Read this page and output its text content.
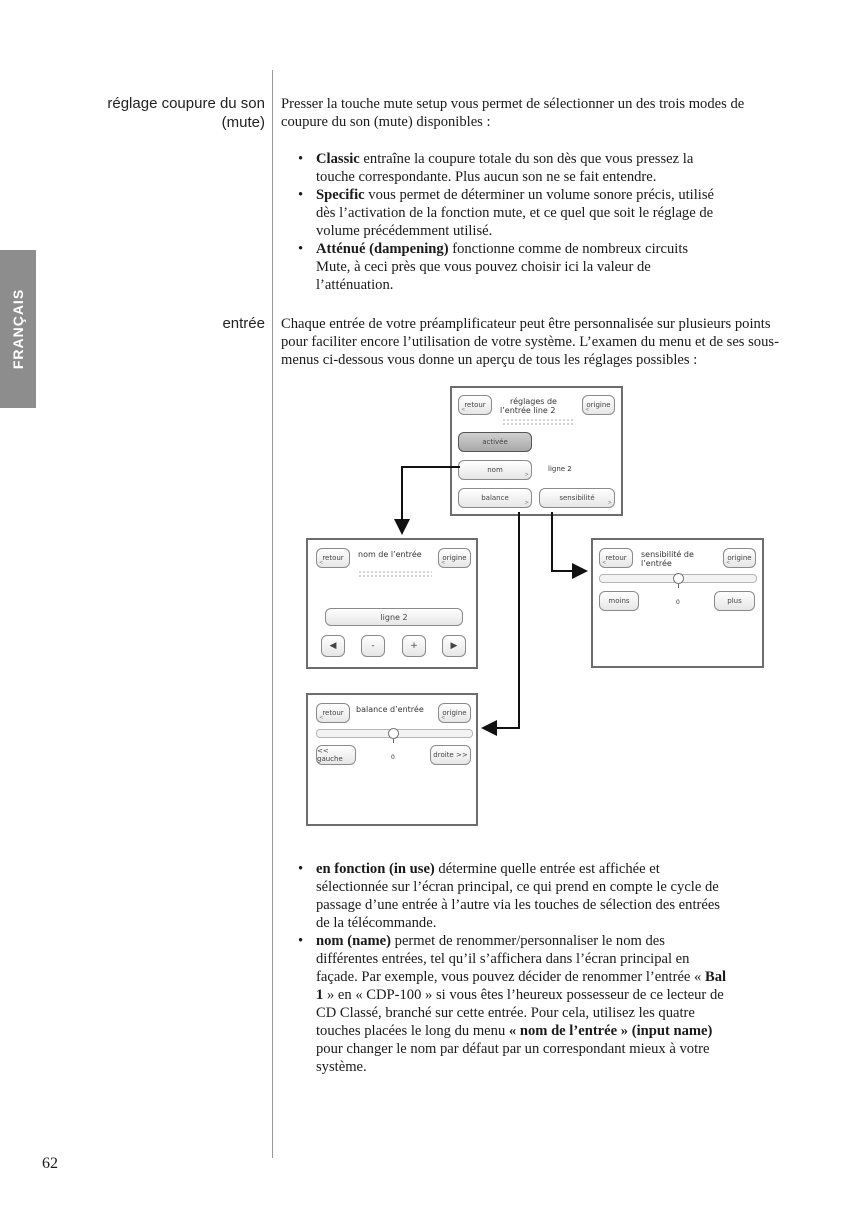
FRANÇAIS
réglage coupure du son
(mute)
Presser la touche mute setup vous permet de sélectionner un des trois modes de coupure du son (mute) disponibles :
• Classic entraîne la coupure totale du son dès que vous pressez la touche correspondante. Plus aucun son ne se fait entendre.
• Specific vous permet de déterminer un volume sonore précis, utilisé dès l’activation de la fonction mute, et ce quel que soit le réglage de volume précédemment utilisé.
• Atténué (dampening) fonctionne comme de nombreux circuits Mute, à ceci près que vous pouvez choisir ici la valeur de l’atténuation.
entrée Chaque entrée de votre préamplificateur peut être personnalisée sur plusieurs points pour faciliter encore l’utilisation de votre système. L’examen du menu et de ses sous-menus ci-dessous vous donne un aperçu de tous les réglages possibles :
retour
<
réglages de
l’entrée line 2
origine
<
activée
nom
>
ligne 2
balance
>
sensibilité
>
retour
<
nom de l’entrée	origine
<
ligne 2
◀	-	+	▶
retour
<
sensibilité de
l’entrée
origine
<
0
moins	plus
retour
<
balance d’entrée	origine
<
0
<< gauche	droite >>
• en fonction (in use) détermine quelle entrée est affichée et sélectionnée sur l’écran principal, ce qui prend en compte le cycle de passage d’une entrée à l’autre via les touches de sélection des entrées de la télécommande.
• nom (name) permet de renommer/personnaliser le nom des différentes entrées, tel qu’il s’affichera dans l’écran principal en façade. Par exemple, vous pouvez décider de renommer l’entrée « Bal 1 » en « CDP-100 » si vous êtes l’heureux possesseur de ce lecteur de CD Classé, branché sur cette entrée. Pour cela, utilisez les quatre touches placées le long du menu « nom de l’entrée » (input name) pour changer le nom par défaut par un correspondant mieux à votre système.
62
